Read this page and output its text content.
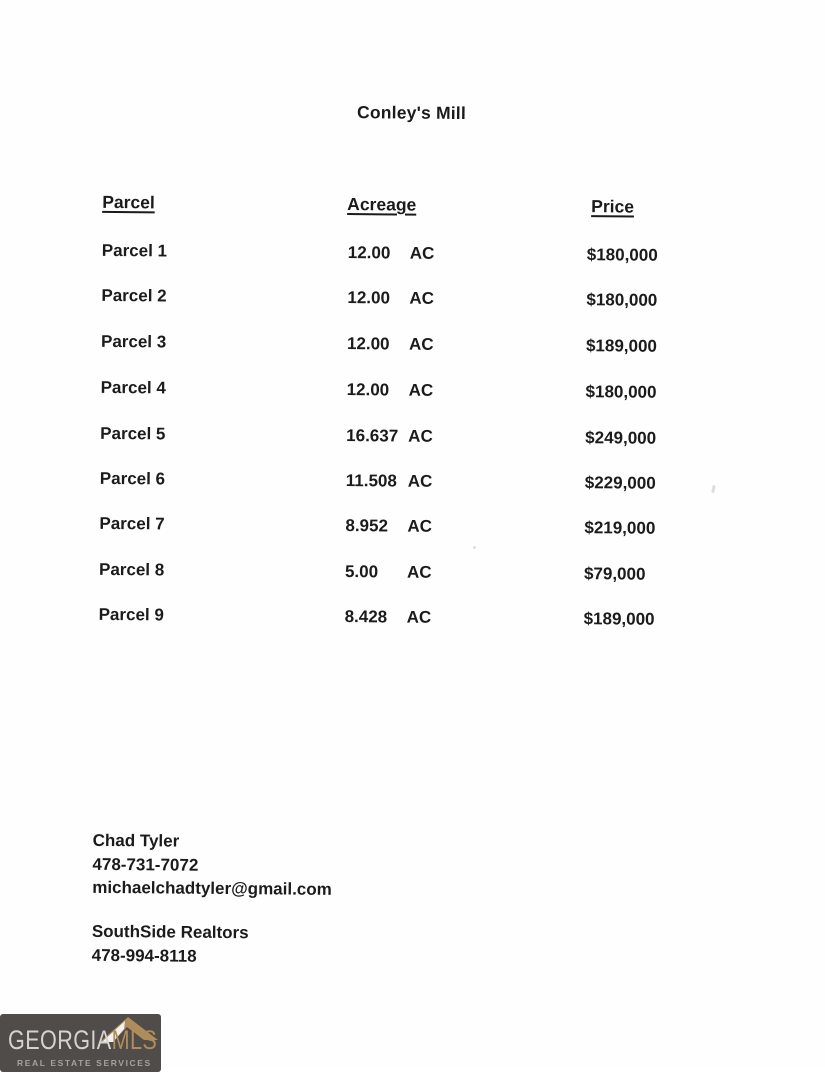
Conley's Mill
Parcel	Acreage	Price
Parcel 1	12.00 AC	$180,000
Parcel 2	12.00 AC	$180,000
Parcel 3	12.00 AC	$189,000
Parcel 4	12.00 AC	$180,000
Parcel 5	16.637 AC	$249,000
Parcel 6	11.508 AC	$229,000
Parcel 7	8.952 AC	$219,000
Parcel 8	5.00 AC	$79,000
Parcel 9	8.428 AC	$189,000
Chad Tyler
478-731-7072
michaelchadtyler@gmail.com
SouthSide Realtors
478-994-8118
GEORGIAMLS
REAL ESTATE SERVICES
